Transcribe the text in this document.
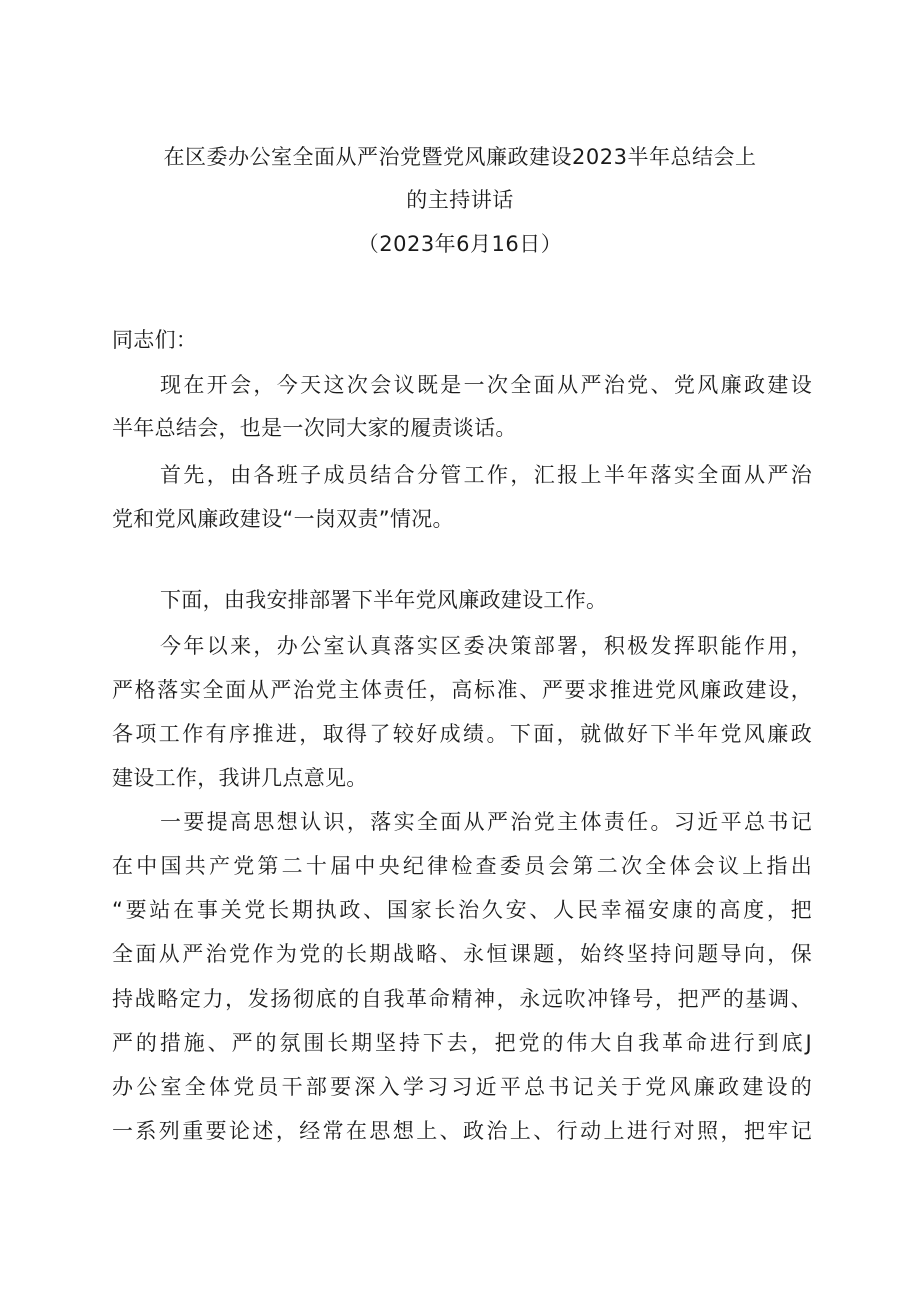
在区委办公室全面从严治党暨党风廉政建设2023半年总结会上
的主持讲话
（2023年6月16日）
同志们：
现在开会，今天这次会议既是一次全面从严治党、党风廉政建设
半年总结会，也是一次同大家的履责谈话。
首先，由各班子成员结合分管工作，汇报上半年落实全面从严治
党和党风廉政建设“一岗双责”情况。
下面，由我安排部署下半年党风廉政建设工作。
今年以来，办公室认真落实区委决策部署，积极发挥职能作用，
严格落实全面从严治党主体责任，高标准、严要求推进党风廉政建设，
各项工作有序推进，取得了较好成绩。下面，就做好下半年党风廉政
建设工作，我讲几点意见。
一要提高思想认识，落实全面从严治党主体责任。习近平总书记
在中国共产党第二十届中央纪律检查委员会第二次全体会议上指出
“要站在事关党长期执政、国家长治久安、人民幸福安康的高度，把
全面从严治党作为党的长期战略、永恒课题，始终坚持问题导向，保
持战略定力，发扬彻底的自我革命精神，永远吹冲锋号，把严的基调、
严的措施、严的氛围长期坚持下去，把党的伟大自我革命进行到底J
办公室全体党员干部要深入学习习近平总书记关于党风廉政建设的
一系列重要论述，经常在思想上、政治上、行动上进行对照，把牢记
